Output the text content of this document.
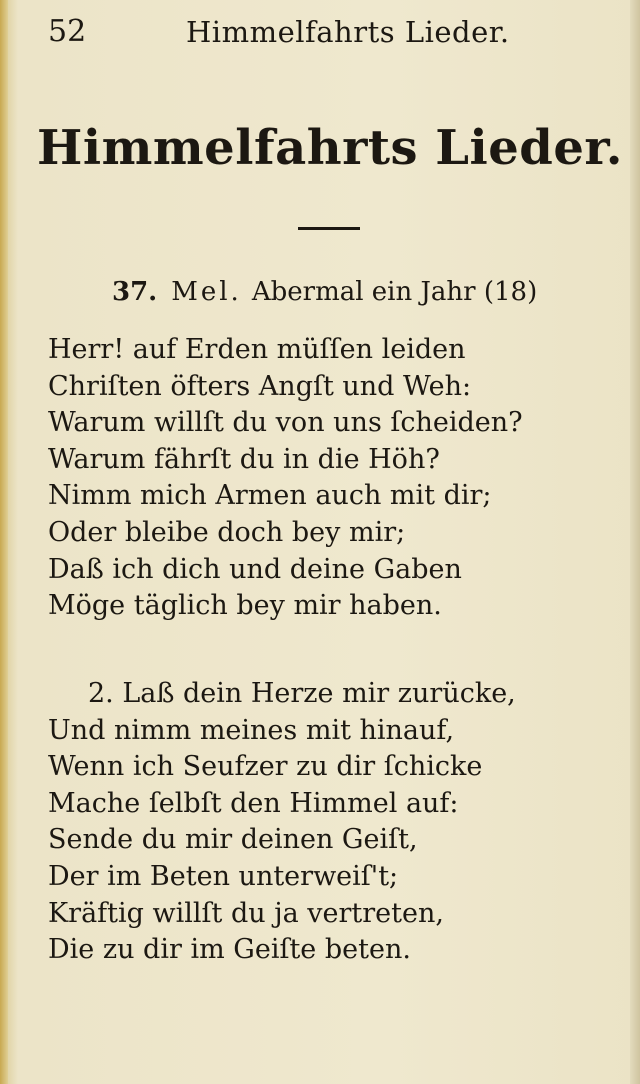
52	Himmelfahrts Lieder.
Himmelfahrts Lieder.
37. Mel. Abermal ein Jahr (18)
Herr! auf Erden müſſen leiden
Chriſten öfters Angſt und Weh:
Warum willſt du von uns ſcheiden?
Warum fährſt du in die Höh?
Nimm mich Armen auch mit dir;
Oder bleibe doch bey mir;
Daß ich dich und deine Gaben
Möge täglich bey mir haben.
2. Laß dein Herze mir zurücke,
Und nimm meines mit hinauf,
Wenn ich Seufzer zu dir ſchicke
Mache ſelbſt den Himmel auf:
Sende du mir deinen Geiſt,
Der im Beten unterweiſ't;
Kräftig willſt du ja vertreten,
Die zu dir im Geiſte beten.
